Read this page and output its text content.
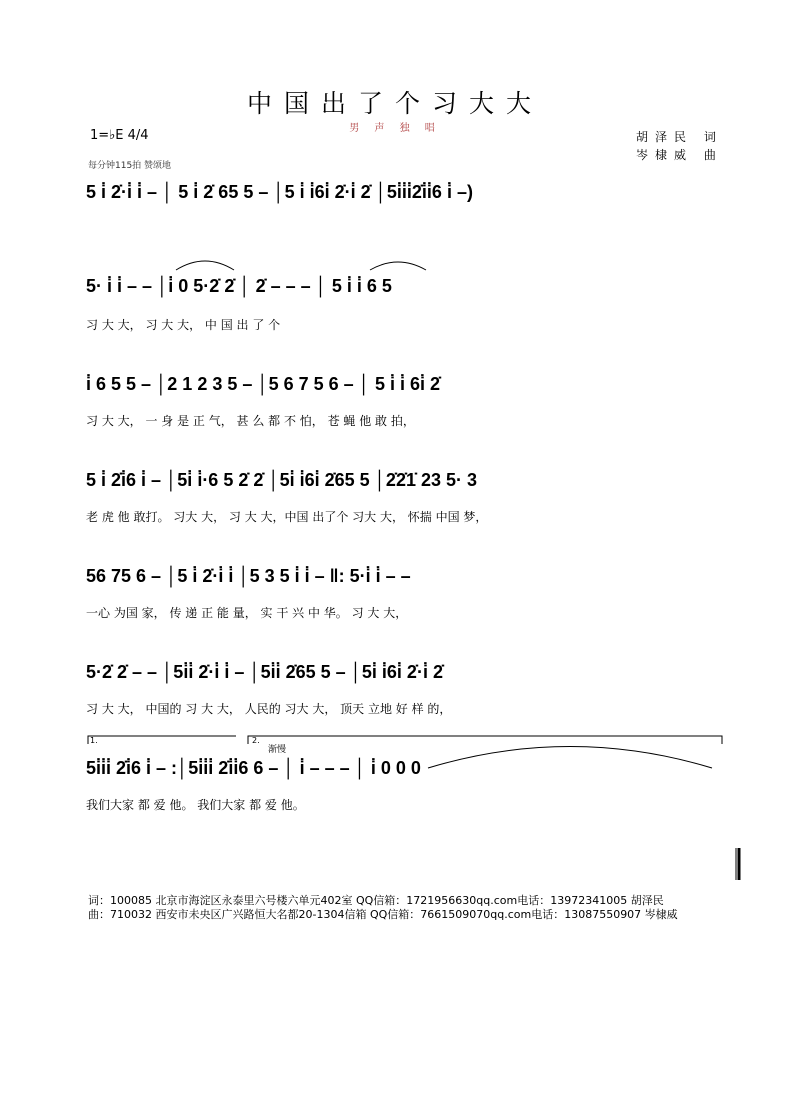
中国出了个习大大
男 声 独 唱
1=♭E 4/4
每分钟115拍 赞颂地
胡泽民 词
岑棣威 曲
5 i̇ 2̇·i̇ i̇ – │ 5 i̇ 2̇ 65 5 – │5 i̇ i̇6i̇ 2̇·i̇ 2̇ │5i̇i̇i̇2̇i̇i̇6 i̇ –)
5· i̇ i̇ – – │i̇ 0 5·2̇ 2̇ │ 2̇ – – – │ 5 i̇ i̇ 6 5
习 大 大， 习 大 大， 中 国 出 了 个
i̇ 6 5 5 – │2 1 2 3 5 – │5 6 7 5 6 – │ 5 i̇ i̇ 6i̇ 2̇
习 大 大， 一 身 是 正 气， 甚 么 都 不 怕， 苍 蝇 他 敢 拍，
5 i̇ 2̇i̇6 i̇ – │5i̇ i̇·6 5 2̇ 2̇ │5i̇ i̇6i̇ 2̇65 5 │2̇2̇1̇ 23 5· 3
老 虎 他 敢打。 习大 大， 习 大 大，中国 出了个 习大 大， 怀揣 中国 梦，
56 75 6 – │5 i̇ 2̇·i̇ i̇ │5 3 5 i̇ i̇ – ‖: 5·i̇ i̇ – –
一心 为国 家， 传 递 正 能 量， 实 干 兴 中 华。 习 大 大，
5·2̇ 2̇ – – │5i̇i̇ 2̇·i̇ i̇ – │5i̇i̇ 2̇65 5 – │5i̇ i̇6i̇ 2̇·i̇ 2̇
习 大 大， 中国的 习 大 大， 人民的 习大 大， 顶天 立地 好 样 的，
1.	2.
渐慢
5i̇i̇i̇ 2̇i̇6 i̇ – :│5i̇i̇i̇ 2̇i̇i̇6 6 – │ i̇ – – – │ i̇ 0 0 0
我们大家 都 爱 他。 我们大家 都 爱 他。
词：100085 北京市海淀区永泰里六号楼六单元402室 QQ信箱：1721956630qq.com电话：13972341005 胡泽民
曲：710032 西安市未央区广兴路恒大名都20-1304信箱 QQ信箱：7661509070qq.com电话：13087550907 岑棣威
